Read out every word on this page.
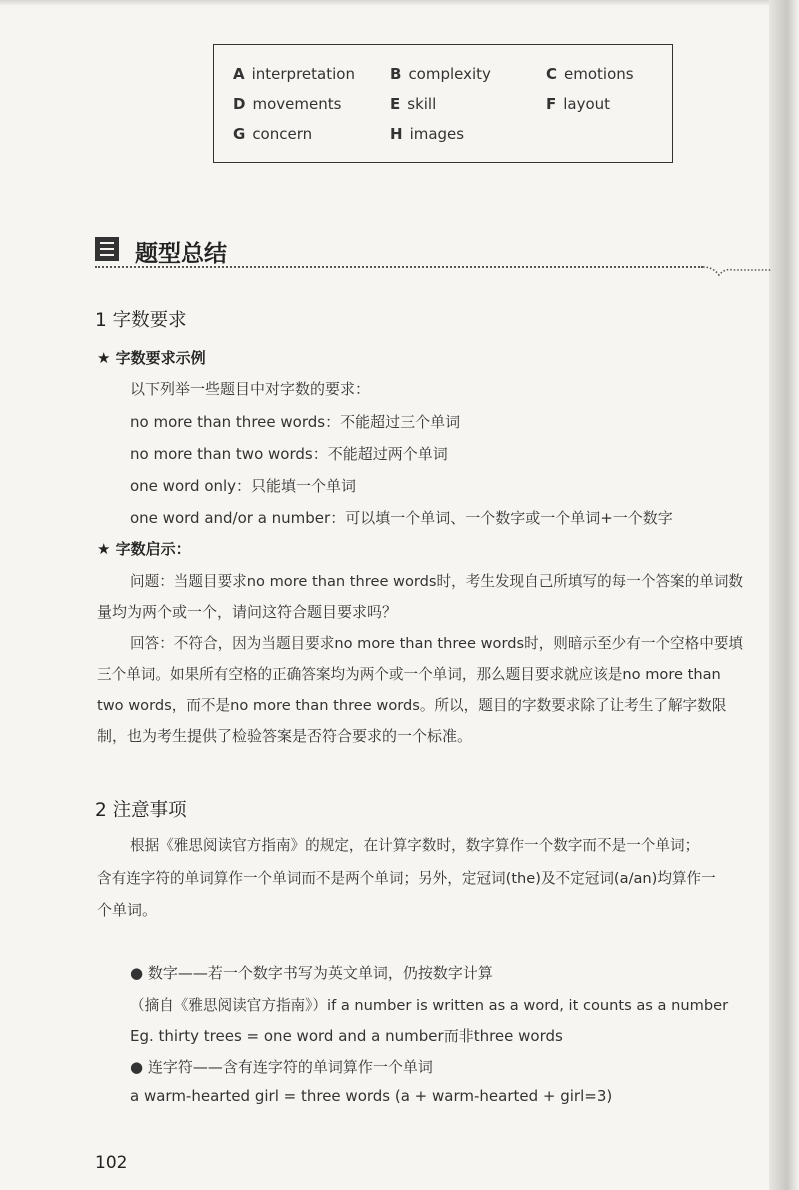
A interpretation B complexity	C emotions
D movements	E skill	F layout
G concern	H images
题型总结
1 字数要求
★ 字数要求示例
以下列举一些题目中对字数的要求：
no more than three words：不能超过三个单词
no more than two words：不能超过两个单词
one word only：只能填一个单词
one word and/or a number：可以填一个单词、一个数字或一个单词+一个数字
★ 字数启示：
问题：当题目要求no more than three words时，考生发现自己所填写的每一个答案的单词数
量均为两个或一个，请问这符合题目要求吗？
回答：不符合，因为当题目要求no more than three words时，则暗示至少有一个空格中要填
三个单词。如果所有空格的正确答案均为两个或一个单词，那么题目要求就应该是no more than
two words，而不是no more than three words。所以，题目的字数要求除了让考生了解字数限
制，也为考生提供了检验答案是否符合要求的一个标准。
2 注意事项
根据《雅思阅读官方指南》的规定，在计算字数时，数字算作一个数字而不是一个单词；
含有连字符的单词算作一个单词而不是两个单词；另外，定冠词(the)及不定冠词(a/an)均算作一
个单词。
● 数字——若一个数字书写为英文单词，仍按数字计算
（摘自《雅思阅读官方指南》）if a number is written as a word, it counts as a number
Eg. thirty trees = one word and a number而非three words
● 连字符——含有连字符的单词算作一个单词
a warm-hearted girl = three words (a + warm-hearted + girl=3)
102
